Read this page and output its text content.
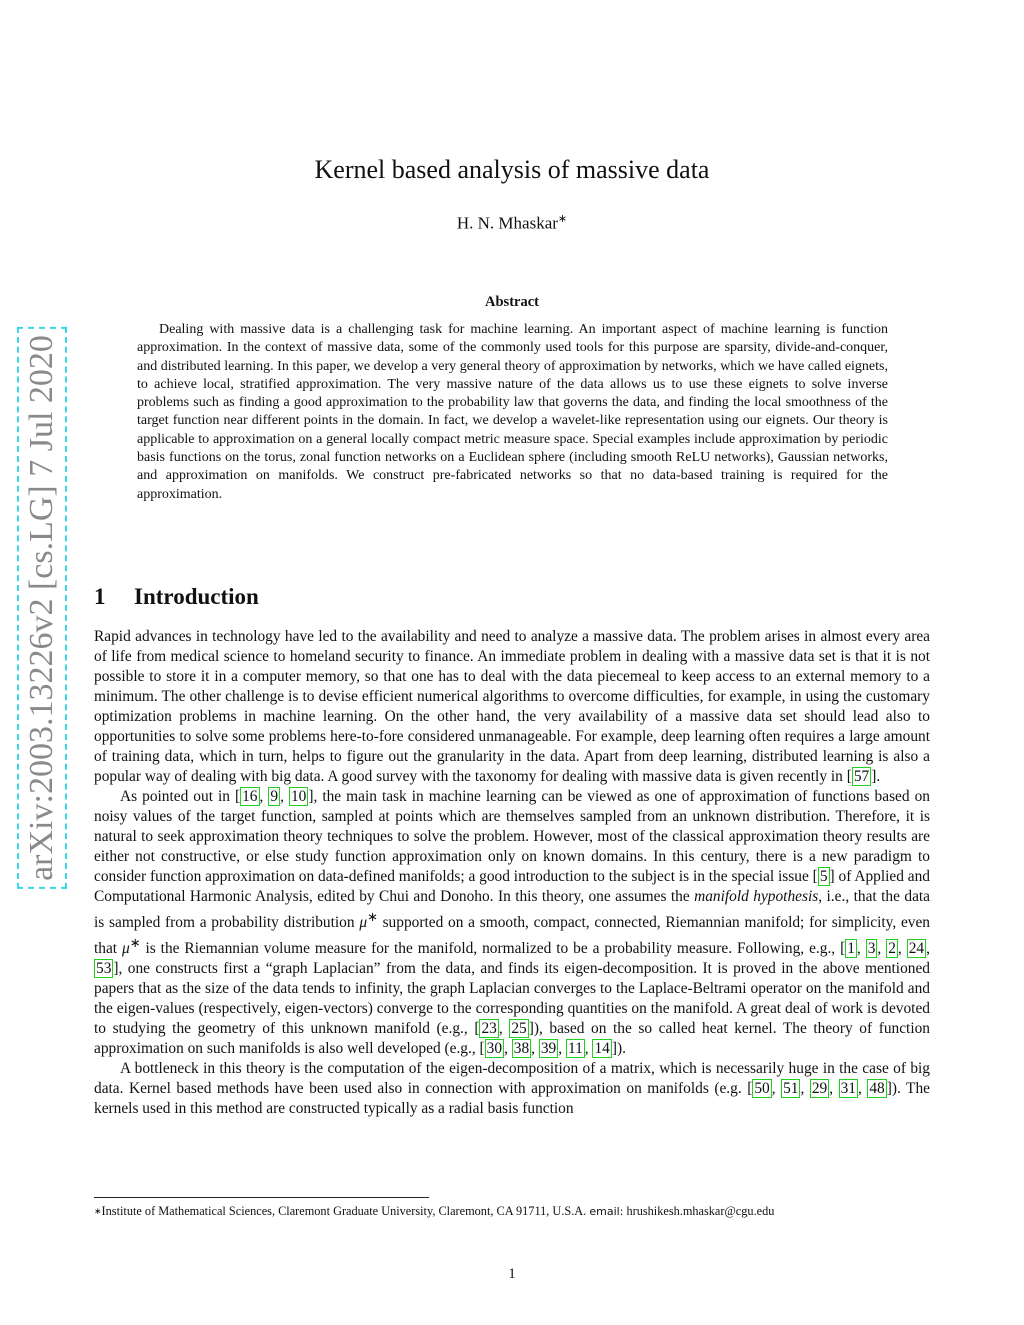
arXiv:2003.13226v2 [cs.LG] 7 Jul 2020
Kernel based analysis of massive data
H. N. Mhaskar∗
Abstract
Dealing with massive data is a challenging task for machine learning. An important aspect of machine learning is function approximation. In the context of massive data, some of the commonly used tools for this purpose are sparsity, divide-and-conquer, and distributed learning. In this paper, we develop a very general theory of approximation by networks, which we have called eignets, to achieve local, stratified approximation. The very massive nature of the data allows us to use these eignets to solve inverse problems such as finding a good approximation to the probability law that governs the data, and finding the local smoothness of the target function near different points in the domain. In fact, we develop a wavelet-like representation using our eignets. Our theory is applicable to approximation on a general locally compact metric measure space. Special examples include approximation by periodic basis functions on the torus, zonal function networks on a Euclidean sphere (including smooth ReLU networks), Gaussian networks, and approximation on manifolds. We construct pre-fabricated networks so that no data-based training is required for the approximation.
1 Introduction

Rapid advances in technology have led to the availability and need to analyze a massive data. The problem arises in almost every area of life from medical science to homeland security to finance. An immediate problem in dealing with a massive data set is that it is not possible to store it in a computer memory, so that one has to deal with the data piecemeal to keep access to an external memory to a minimum. The other challenge is to devise efficient numerical algorithms to overcome difficulties, for example, in using the customary optimization problems in machine learning. On the other hand, the very availability of a massive data set should lead also to opportunities to solve some problems here-to-fore considered unmanageable. For example, deep learning often requires a large amount of training data, which in turn, helps to figure out the granularity in the data. Apart from deep learning, distributed learning is also a popular way of dealing with big data. A good survey with the taxonomy for dealing with massive data is given recently in [ 57 ].

As pointed out in [ 16 , 9 , 10 ], the main task in machine learning can be viewed as one of approximation of functions based on noisy values of the target function, sampled at points which are themselves sampled from an unknown distribution. Therefore, it is natural to seek approximation theory techniques to solve the problem. However, most of the classical approximation theory results are either not constructive, or else study function approximation only on known domains. In this century, there is a new paradigm to consider function approximation on data-defined manifolds; a good introduction to the subject is in the special issue [ 5 ] of Applied and Computational Harmonic Analysis, edited by Chui and Donoho. In this theory, one assumes the manifold hypothesis, i.e., that the data is sampled from a probability distribution μ∗ supported on a smooth, compact, connected, Riemannian manifold; for simplicity, even that μ∗ is the Riemannian volume measure for the manifold, normalized to be a probability measure. Following, e.g., [ 1 , 3 , 2 , 24 , 53 ], one constructs first a “graph Laplacian” from the data, and finds its eigen-decomposition. It is proved in the above mentioned papers that as the size of the data tends to infinity, the graph Laplacian converges to the Laplace-Beltrami operator on the manifold and the eigen-values (respectively, eigen-vectors) converge to the corresponding quantities on the manifold. A great deal of work is devoted to studying the geometry of this unknown manifold (e.g., [ 23 , 25 ]), based on the so called heat kernel. The theory of function approximation on such manifolds is also well developed (e.g., [ 30 , 38 , 39 , 11 , 14 ]).

A bottleneck in this theory is the computation of the eigen-decomposition of a matrix, which is necessarily huge in the case of big data. Kernel based methods have been used also in connection with approximation on manifolds (e.g. [ 50 , 51 , 29 , 31 , 48 ]). The kernels used in this method are constructed typically as a radial basis function

∗Institute of Mathematical Sciences, Claremont Graduate University, Claremont, CA 91711, U.S.A. email: hrushikesh.mhaskar@cgu.edu
1
